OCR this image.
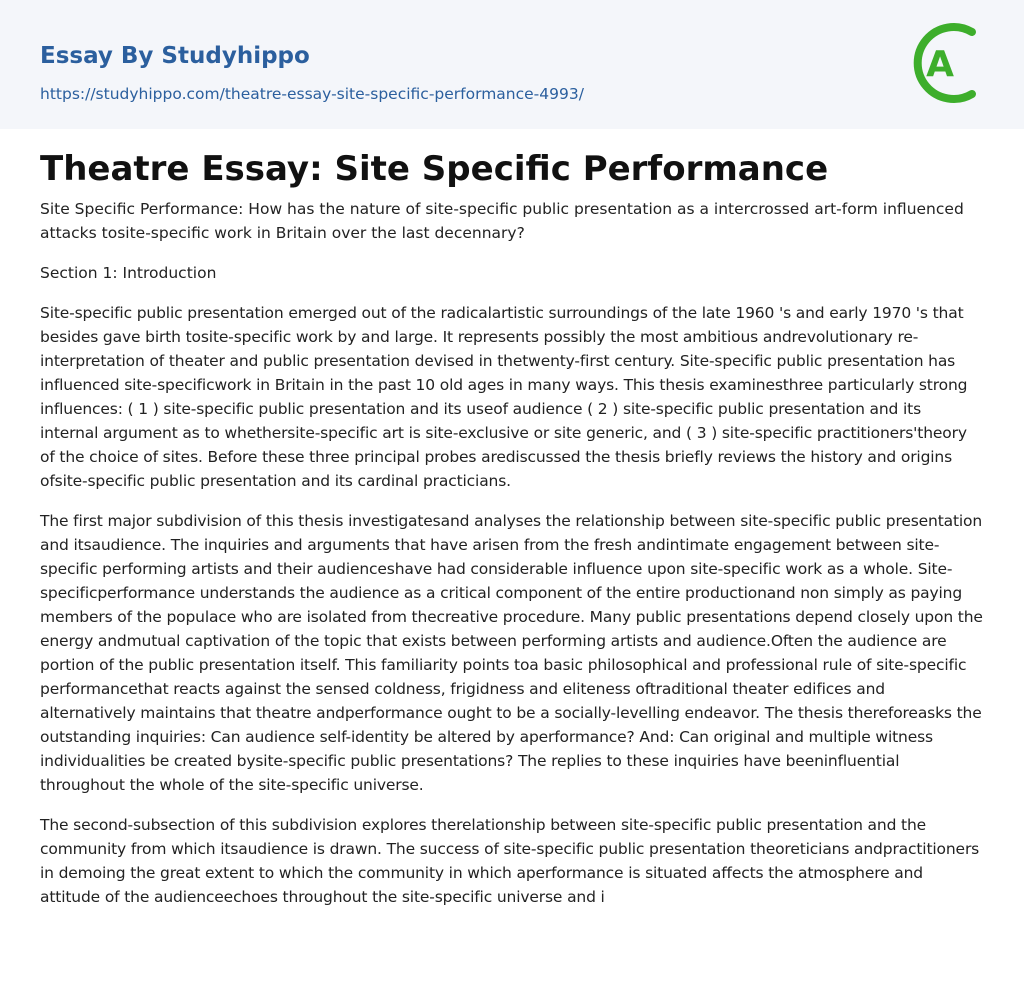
Essay By Studyhippo
https://studyhippo.com/theatre-essay-site-specific-performance-4993/
A
Theatre Essay: Site Specific Performance

Site Specific Performance: How has the nature of site-specific public presentation as a intercrossed art-form influenced attacks tosite-specific work in Britain over the last decennary?

Section 1: Introduction

Site-specific public presentation emerged out of the radicalartistic surroundings of the late 1960 's and early 1970 's that besides gave birth tosite-specific work by and large. It represents possibly the most ambitious andrevolutionary re-interpretation of theater and public presentation devised in thetwenty-first century. Site-specific public presentation has influenced site-specificwork in Britain in the past 10 old ages in many ways. This thesis examinesthree particularly strong influences: ( 1 ) site-specific public presentation and its useof audience ( 2 ) site-specific public presentation and its internal argument as to whethersite-specific art is site-exclusive or site generic, and ( 3 ) site-specific practitioners'theory of the choice of sites. Before these three principal probes arediscussed the thesis briefly reviews the history and origins ofsite-specific public presentation and its cardinal practicians.

The first major subdivision of this thesis investigatesand analyses the relationship between site-specific public presentation and itsaudience. The inquiries and arguments that have arisen from the fresh andintimate engagement between site-specific performing artists and their audienceshave had considerable influence upon site-specific work as a whole. Site-specificperformance understands the audience as a critical component of the entire productionand non simply as paying members of the populace who are isolated from thecreative procedure. Many public presentations depend closely upon the energy andmutual captivation of the topic that exists between performing artists and audience.Often the audience are portion of the public presentation itself. This familiarity points toa basic philosophical and professional rule of site-specific performancethat reacts against the sensed coldness, frigidness and eliteness oftraditional theater edifices and alternatively maintains that theatre andperformance ought to be a socially-levelling endeavor. The thesis thereforeasks the outstanding inquiries: Can audience self-identity be altered by aperformance? And: Can original and multiple witness individualities be created bysite-specific public presentations? The replies to these inquiries have beeninfluential throughout the whole of the site-specific universe.

The second-subsection of this subdivision explores therelationship between site-specific public presentation and the community from which itsaudience is drawn. The success of site-specific public presentation theoreticians andpractitioners in demoing the great extent to which the community in which aperformance is situated affects the atmosphere and attitude of the audienceechoes throughout the site-specific universe and i
